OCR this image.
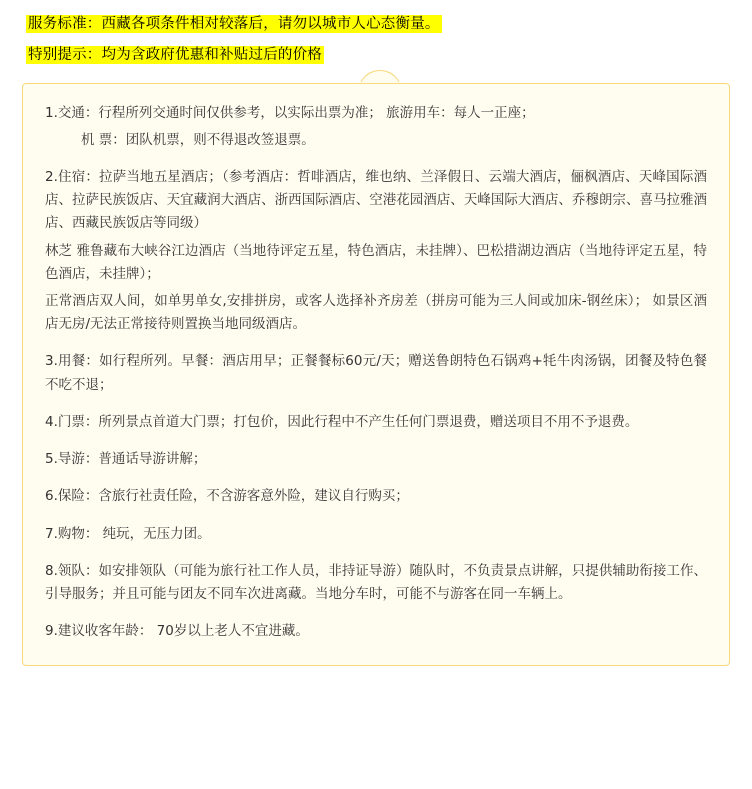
服务标准：西藏各项条件相对较落后，请勿以城市人心态衡量。
特别提示：均为含政府优惠和补贴过后的价格

1.交通：行程所列交通时间仅供参考，以实际出票为准； 旅游用车：每人一正座；

机 票：团队机票，则不得退改签退票。

2.住宿：拉萨当地五星酒店；（参考酒店：哲啡酒店，维也纳、兰泽假日、云端大酒店，俪枫酒店、天峰国际酒店、拉萨民族饭店、天宜藏润大酒店、浙西国际酒店、空港花园酒店、天峰国际大酒店、乔穆朗宗、喜马拉雅酒店、西藏民族饭店等同级）

林芝 雅鲁藏布大峡谷江边酒店（当地待评定五星，特色酒店，未挂牌）、巴松措湖边酒店（当地待评定五星，特色酒店，未挂牌）；

正常酒店双人间，如单男单女,安排拼房，或客人选择补齐房差（拼房可能为三人间或加床-钢丝床）； 如景区酒店无房/无法正常接待则置换当地同级酒店。

3.用餐：如行程所列。早餐：酒店用早；正餐餐标60元/天；赠送鲁朗特色石锅鸡+牦牛肉汤锅，团餐及特色餐不吃不退；

4.门票：所列景点首道大门票；打包价，因此行程中不产生任何门票退费，赠送项目不用不予退费。

5.导游：普通话导游讲解；

6.保险：含旅行社责任险，不含游客意外险，建议自行购买；

7.购物： 纯玩，无压力团。

8.领队：如安排领队（可能为旅行社工作人员，非持证导游）随队时，不负责景点讲解，只提供辅助衔接工作、引导服务；并且可能与团友不同车次进离藏。当地分车时，可能不与游客在同一车辆上。

9.建议收客年龄： 70岁以上老人不宜进藏。
